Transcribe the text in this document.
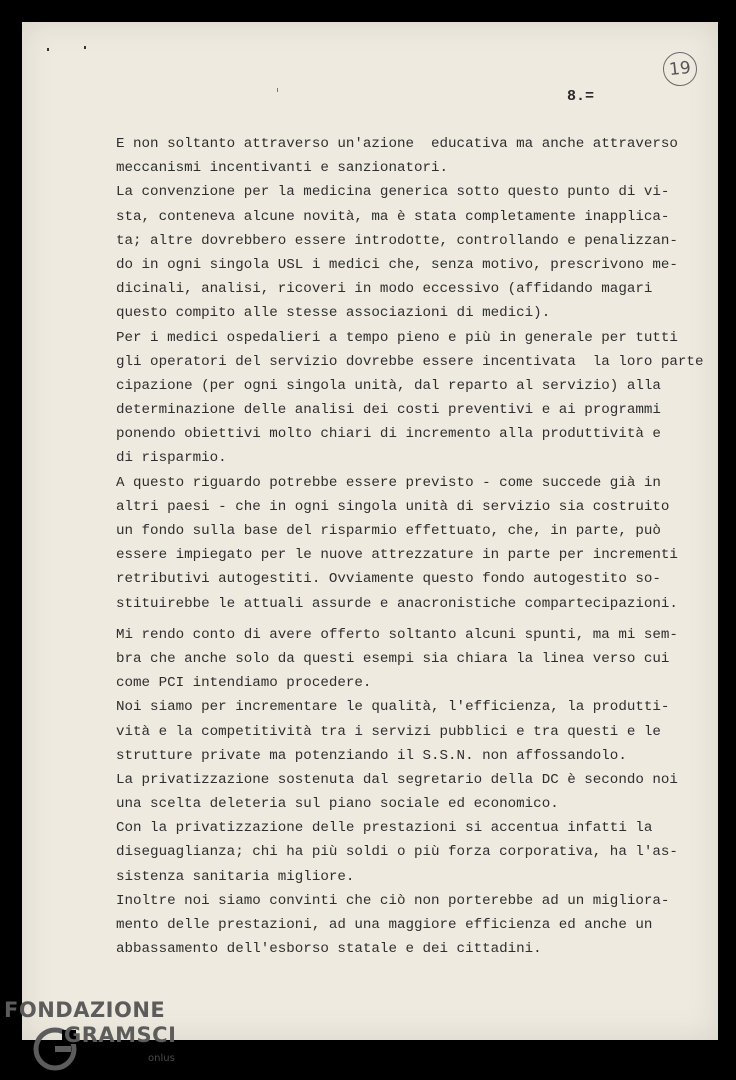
19
8.=
E non soltanto attraverso un'azione  educativa ma anche attraverso
meccanismi incentivanti e sanzionatori.
La convenzione per la medicina generica sotto questo punto di vi-
sta, conteneva alcune novità, ma è stata completamente inapplica-
ta; altre dovrebbero essere introdotte, controllando e penalizzan-
do in ogni singola USL i medici che, senza motivo, prescrivono me-
dicinali, analisi, ricoveri in modo eccessivo (affidando magari
questo compito alle stesse associazioni di medici).
Per i medici ospedalieri a tempo pieno e più in generale per tutti
gli operatori del servizio dovrebbe essere incentivata  la loro parte
cipazione (per ogni singola unità, dal reparto al servizio) alla
determinazione delle analisi dei costi preventivi e ai programmi
ponendo obiettivi molto chiari di incremento alla produttività e
di risparmio.
A questo riguardo potrebbe essere previsto - come succede già in
altri paesi - che in ogni singola unità di servizio sia costruito
un fondo sulla base del risparmio effettuato, che, in parte, può
essere impiegato per le nuove attrezzature in parte per incrementi
retributivi autogestiti. Ovviamente questo fondo autogestito so-
stituirebbe le attuali assurde e anacronistiche compartecipazioni.
Mi rendo conto di avere offerto soltanto alcuni spunti, ma mi sem-
bra che anche solo da questi esempi sia chiara la linea verso cui
come PCI intendiamo procedere.
Noi siamo per incrementare le qualità, l'efficienza, la produtti-
vità e la competitività tra i servizi pubblici e tra questi e le
strutture private ma potenziando il S.S.N. non affossandolo.
La privatizzazione sostenuta dal segretario della DC è secondo noi
una scelta deleteria sul piano sociale ed economico.
Con la privatizzazione delle prestazioni si accentua infatti la
diseguaglianza; chi ha più soldi o più forza corporativa, ha l'as-
sistenza sanitaria migliore.
Inoltre noi siamo convinti che ciò non porterebbe ad un migliora-
mento delle prestazioni, ad una maggiore efficienza ed anche un
abbassamento dell'esborso statale e dei cittadini.
FONDAZIONE
GRAMSCI
onlus
